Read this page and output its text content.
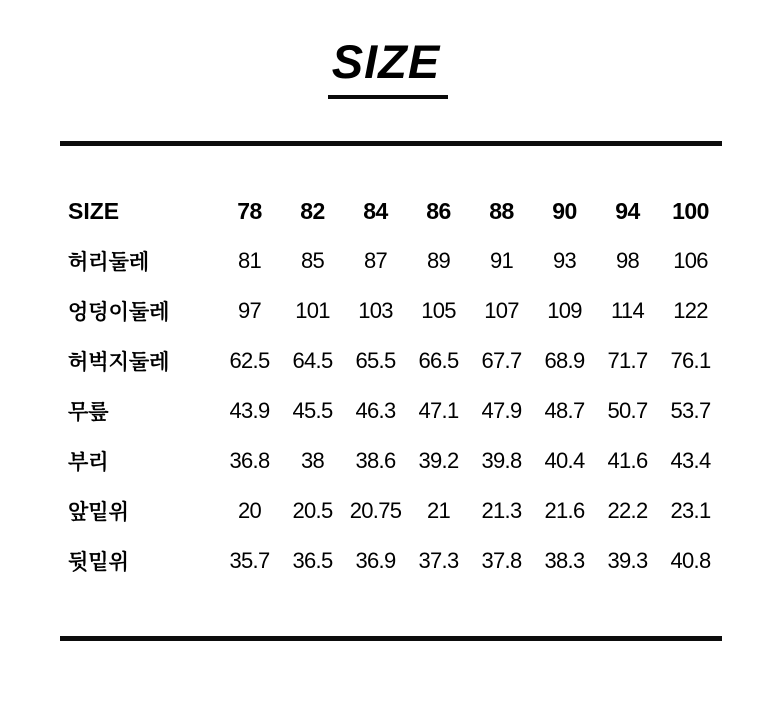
SIZE
SIZE	78	82	84	86	88	90	94	100
허리둘레	81	85	87	89	91	93	98	106
엉덩이둘레	97	101	103	105	107	109	114	122
허벅지둘레	62.5	64.5	65.5	66.5	67.7	68.9	71.7	76.1
무릎	43.9	45.5	46.3	47.1	47.9	48.7	50.7	53.7
부리	36.8	38	38.6	39.2	39.8	40.4	41.6	43.4
앞밑위	20	20.5	20.75	21	21.3	21.6	22.2	23.1
뒷밑위	35.7	36.5	36.9	37.3	37.8	38.3	39.3	40.8
